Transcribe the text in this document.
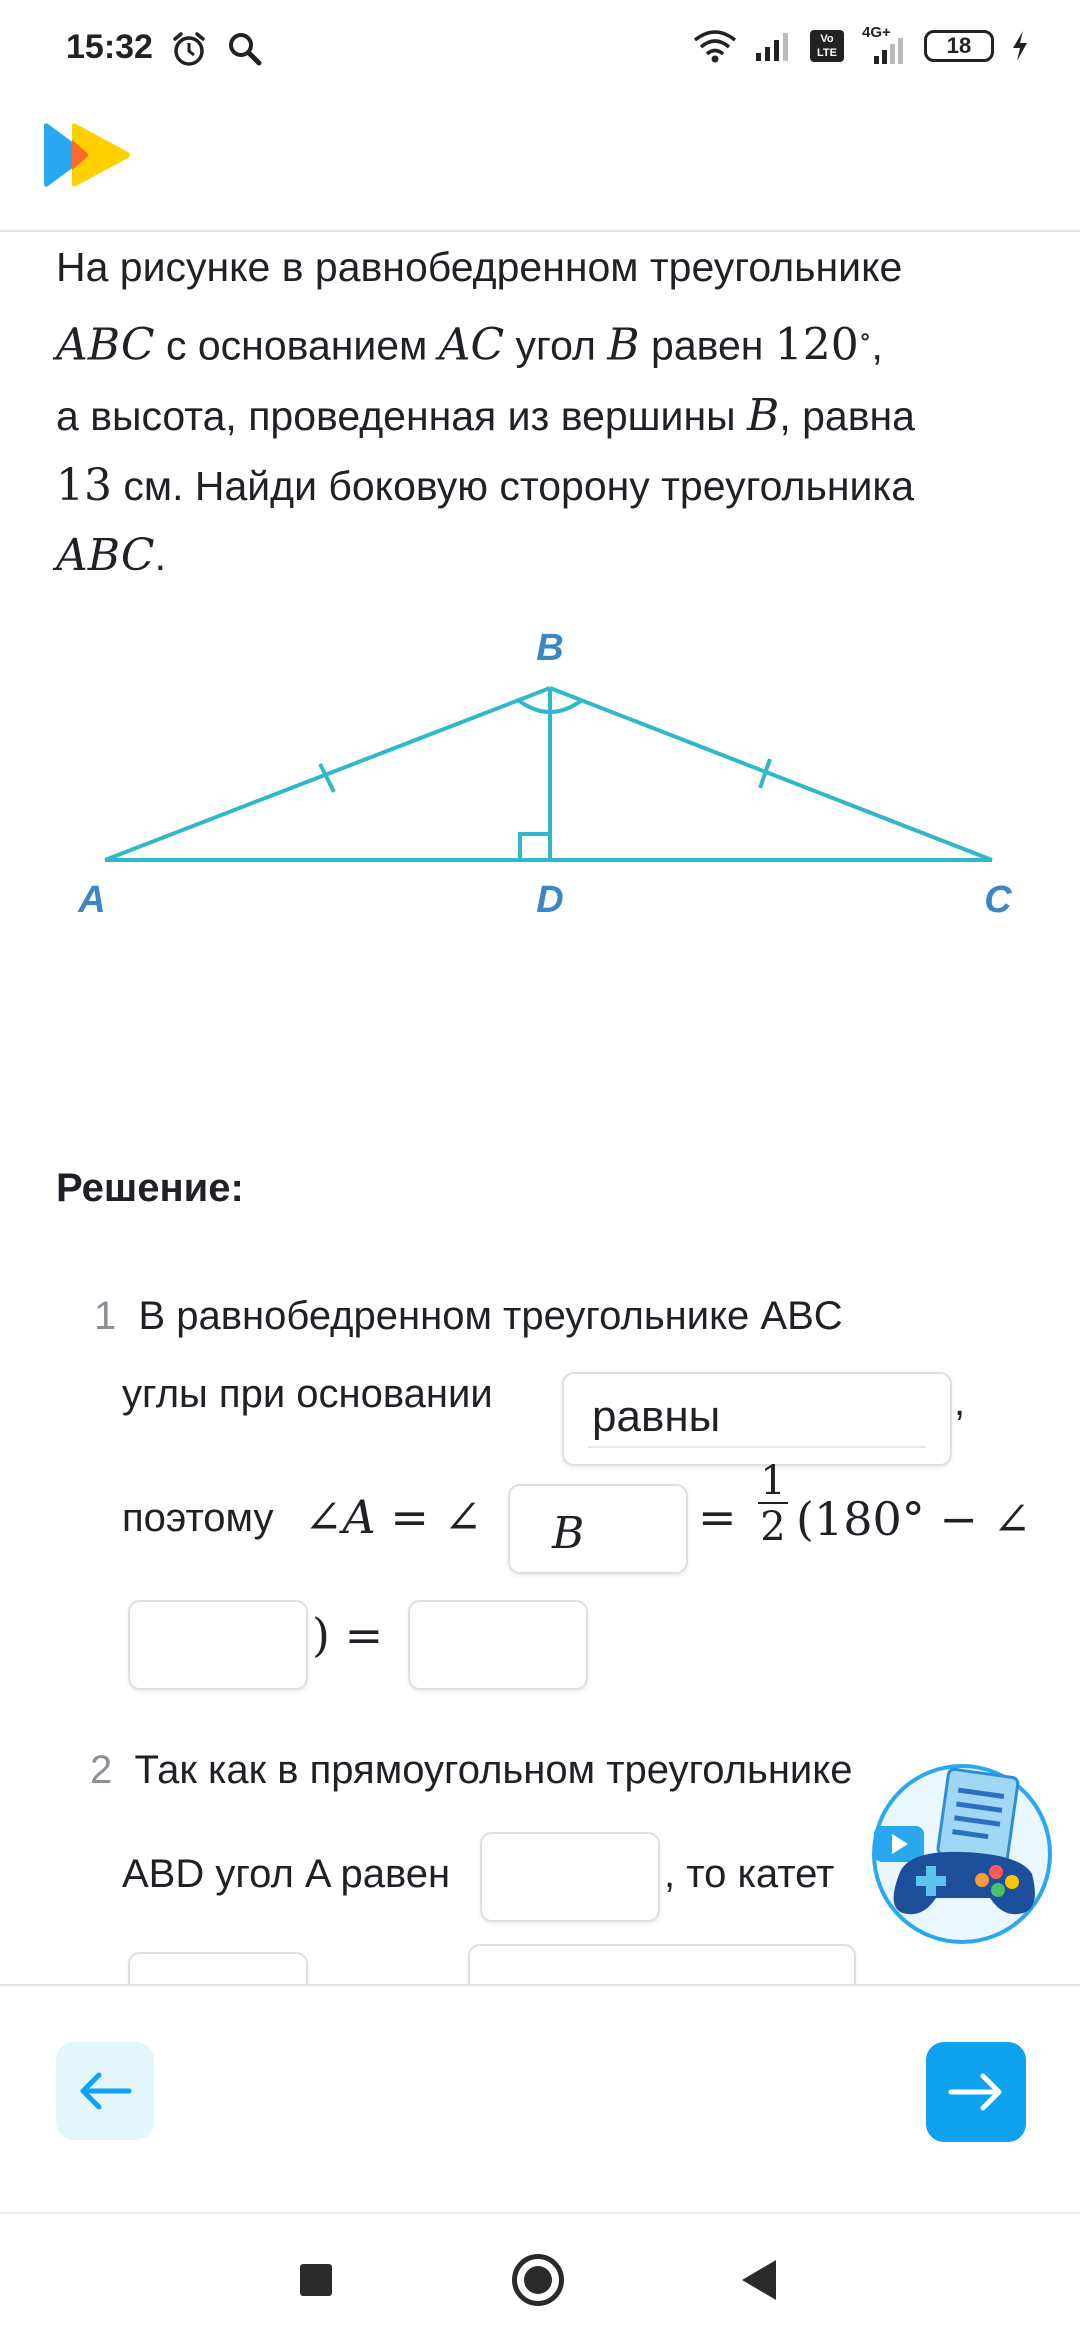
15:32	Vo LTE
4G+
18
На рисунке в равнобедренном треугольнике
ABC с основанием AC угол B равен 120∘,
а высота, проведенная из вершины B, равна
13 см. Найди боковую сторону треугольника
ABC.
B
A	D	C
Решение:
1 В равнобедренном треугольнике ABC
углы при основании равны	,
поэтому ∠A = ∠ B =
1
2 (180° − ∠
) =
2 Так как в прямоугольном треугольнике
ABD угол A равен	, то катет
